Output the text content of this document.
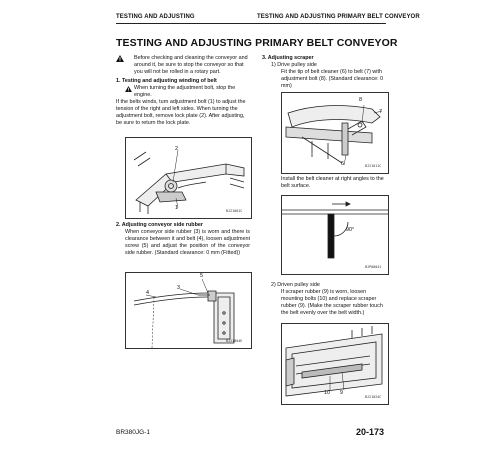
TESTING AND ADJUSTING	TESTING AND ADJUSTING PRIMARY BELT CONVEYOR
TESTING AND ADJUSTING PRIMARY BELT CONVEYOR
Before checking and cleaning the conveyor and around it, be sure to stop the conveyor so that you will not be rolled in a rotary part.
1. Testing and adjusting winding of belt
When turning the adjustment bolt, stop the engine.
If the belts winds, turn adjustment bolt (1) to adjust the tension of the right and left sides. When turning the adjustment bolt, remove lock plate (2). After adjusting, be sure to return the lock plate.
BJ21001C
2
1
2. Adjusting conveyor side rubber
When conveyor side rubber (3) is worn and there is clearance between it and belt (4), loosen adjustment screw (5) and adjust the position of the conveyor side rubber. (Standard clearance: 0 mm (Fitted))
BJ21004E
5
3
4
3. Adjusting scraper
1) Drive pulley side
Fit the tip of belt cleaner (6) to belt (7) with adjustment bolt (8). (Standard clearance: 0 mm)
BJ21011C
7
8
6
Install the belt cleaner at right angles to the belt surface.
90°
BJP00041
2) Driven pulley side
If scraper rubber (9) is worn, loosen mounting bolts (10) and replace scraper rubber (9). (Make the scraper rubber touch the belt evenly over the belt width.)
10 9
BJ21024C
BR380JG-1	20-173
